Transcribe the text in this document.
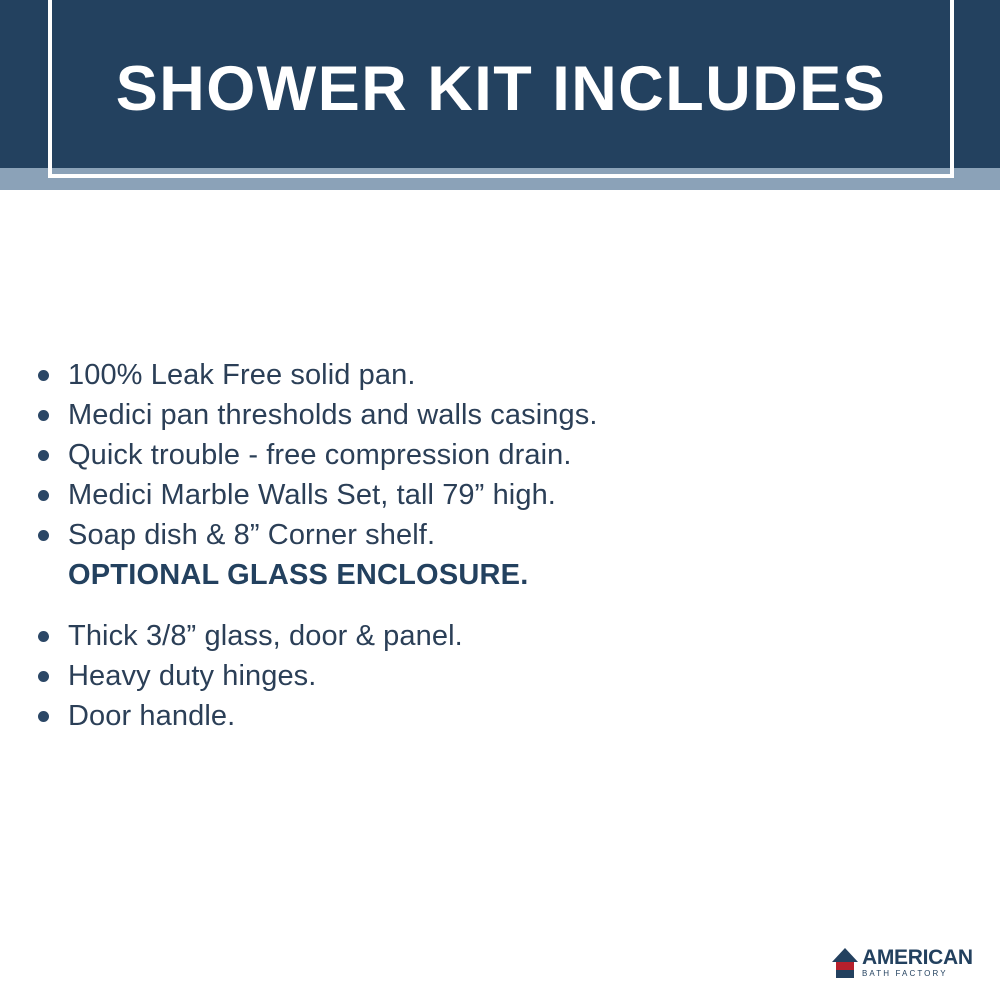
SHOWER KIT INCLUDES
100% Leak Free solid pan.
Medici pan thresholds and walls casings.
Quick trouble - free compression drain.
Medici Marble Walls Set, tall 79” high.
Soap dish & 8” Corner shelf.
OPTIONAL GLASS ENCLOSURE.
Thick 3/8” glass, door & panel.
Heavy duty hinges.
Door handle.
AMERICAN
BATH FACTORY
